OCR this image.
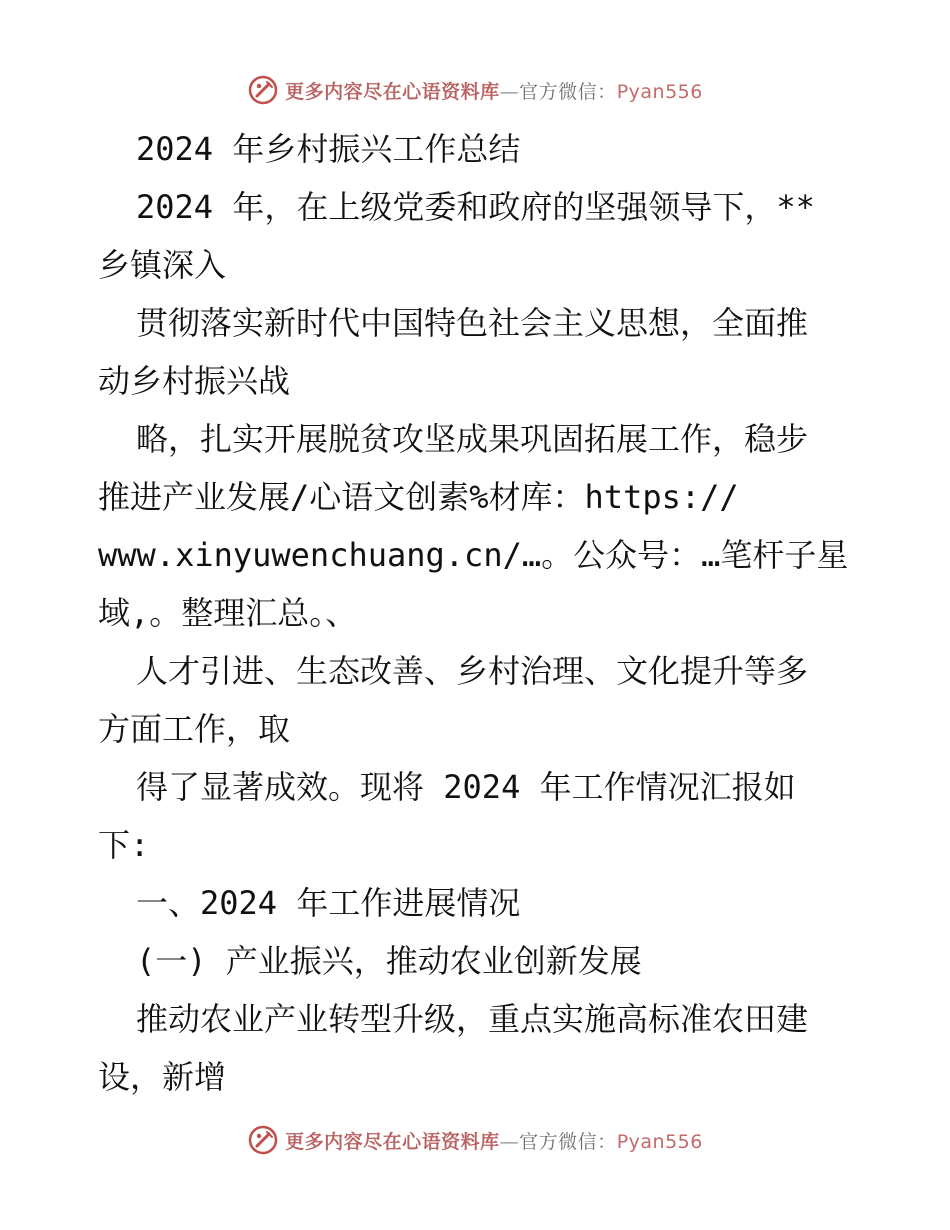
更多内容尽在心语资料库—官方微信：Pyan556
2024 年乡村振兴工作总结
2024 年，在上级党委和政府的坚强领导下，**
乡镇深入
贯彻落实新时代中国特色社会主义思想，全面推
动乡村振兴战
略，扎实开展脱贫攻坚成果巩固拓展工作，稳步
推进产业发展/心语文创素%材库：https://
www.xinyuwenchuang.cn/…。公众号：…笔杆子星
域,。整理汇总。、
人才引进、生态改善、乡村治理、文化提升等多
方面工作，取
得了显著成效。现将 2024 年工作情况汇报如
下:
一、2024 年工作进展情况
(一) 产业振兴，推动农业创新发展
推动农业产业转型升级，重点实施高标准农田建
设，新增
更多内容尽在心语资料库—官方微信：Pyan556
